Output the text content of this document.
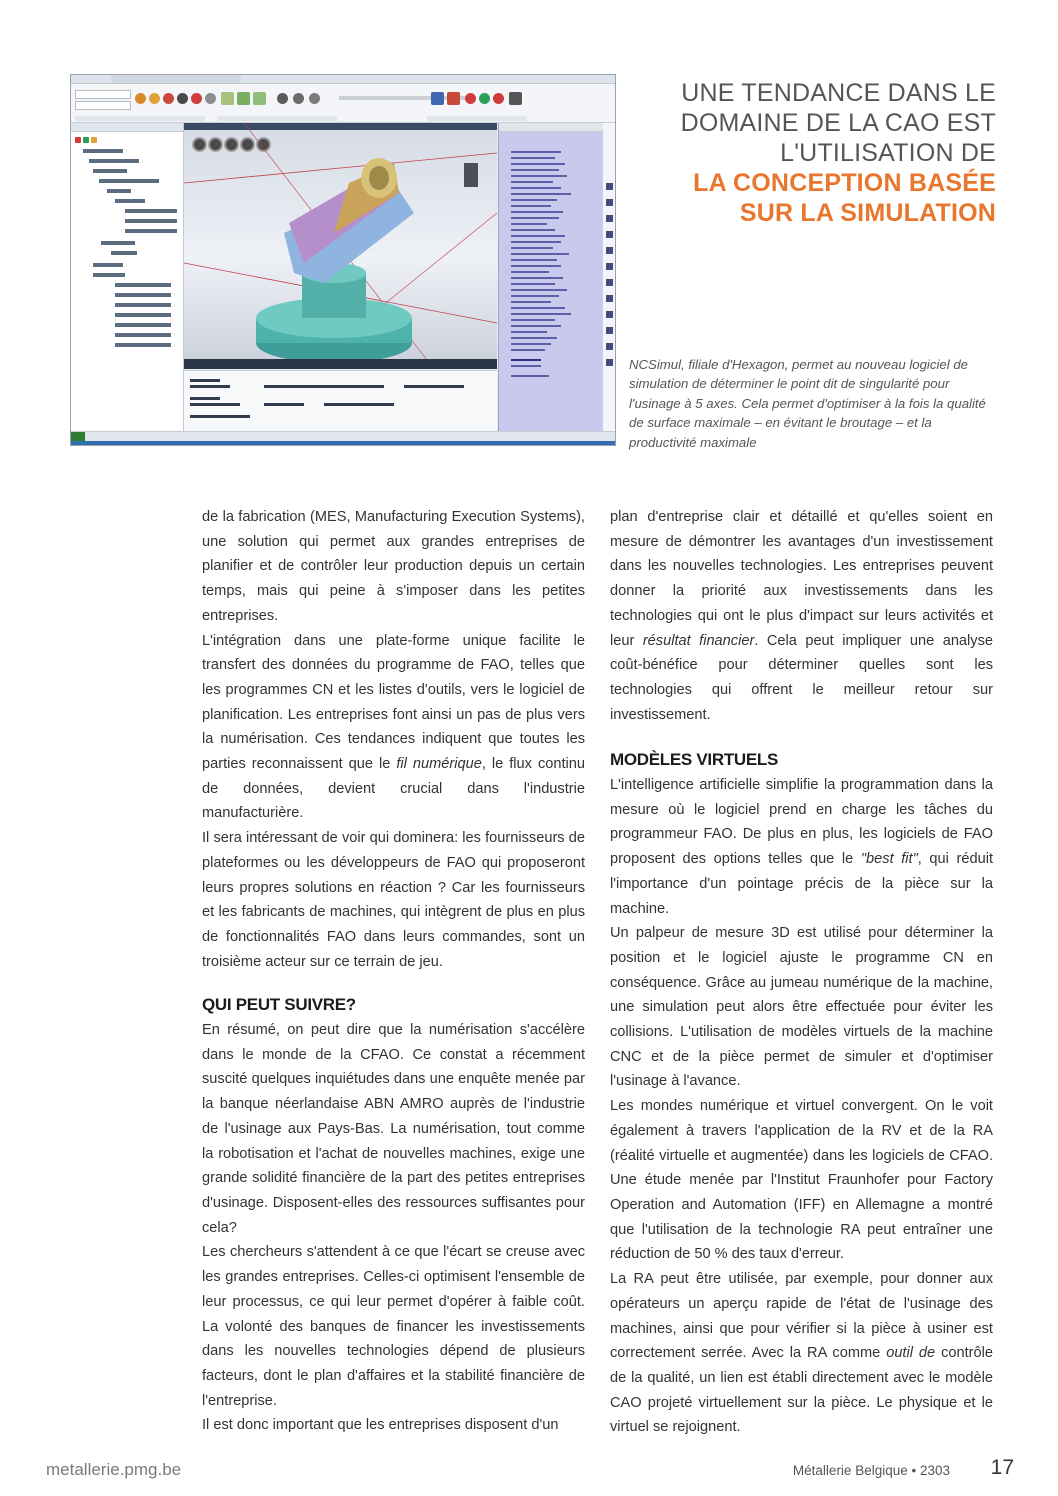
UNE TENDANCE DANS LE
DOMAINE DE LA CAO EST
L'UTILISATION DE
LA CONCEPTION BASÉE
SUR LA SIMULATION
NCSimul, filiale d'Hexagon, permet au nouveau logiciel de simulation de déterminer le point dit de singularité pour l'usinage à 5 axes. Cela permet d'optimiser à la fois la qualité de surface maximale – en évitant le broutage – et la productivité maximale

de la fabrication (MES, Manufacturing Execution Systems), une solution qui permet aux grandes entreprises de planifier et de contrôler leur production depuis un certain temps, mais qui peine à s'imposer dans les petites entreprises.

L'intégration dans une plate-forme unique facilite le transfert des données du programme de FAO, telles que les programmes CN et les listes d'outils, vers le logiciel de planification. Les entreprises font ainsi un pas de plus vers la numérisation. Ces tendances indiquent que toutes les parties reconnaissent que le fil numérique, le flux continu de données, devient crucial dans l'industrie manufacturière.

Il sera intéressant de voir qui dominera: les fournisseurs de plateformes ou les développeurs de FAO qui proposeront leurs propres solutions en réaction ? Car les fournisseurs et les fabricants de machines, qui intègrent de plus en plus de fonctionnalités FAO dans leurs commandes, sont un troisième acteur sur ce terrain de jeu.

QUI PEUT SUIVRE?

En résumé, on peut dire que la numérisation s'accélère dans le monde de la CFAO. Ce constat a récemment suscité quelques inquiétudes dans une enquête menée par la banque néerlandaise ABN AMRO auprès de l'industrie de l'usinage aux Pays-Bas. La numérisation, tout comme la robotisation et l'achat de nouvelles machines, exige une grande solidité financière de la part des petites entreprises d'usinage. Disposent-elles des ressources suffisantes pour cela?

Les chercheurs s'attendent à ce que l'écart se creuse avec les grandes entreprises. Celles-ci optimisent l'ensemble de leur processus, ce qui leur permet d'opérer à faible coût. La volonté des banques de financer les investissements dans les nouvelles technologies dépend de plusieurs facteurs, dont le plan d'affaires et la stabilité financière de l'entreprise.

Il est donc important que les entreprises disposent d'un

plan d'entreprise clair et détaillé et qu'elles soient en mesure de démontrer les avantages d'un investissement dans les nouvelles technologies. Les entreprises peuvent donner la priorité aux investissements dans les technologies qui ont le plus d'impact sur leurs activités et leur résultat financier. Cela peut impliquer une analyse coût-bénéfice pour déterminer quelles sont les technologies qui offrent le meilleur retour sur investissement.

MODÈLES VIRTUELS

L'intelligence artificielle simplifie la programmation dans la mesure où le logiciel prend en charge les tâches du programmeur FAO. De plus en plus, les logiciels de FAO proposent des options telles que le "best fit", qui réduit l'importance d'un pointage précis de la pièce sur la machine.

Un palpeur de mesure 3D est utilisé pour déterminer la position et le logiciel ajuste le programme CN en conséquence. Grâce au jumeau numérique de la machine, une simulation peut alors être effectuée pour éviter les collisions. L'utilisation de modèles virtuels de la machine CNC et de la pièce permet de simuler et d'optimiser l'usinage à l'avance.

Les mondes numérique et virtuel convergent. On le voit également à travers l'application de la RV et de la RA (réalité virtuelle et augmentée) dans les logiciels de CFAO. Une étude menée par l'Institut Fraunhofer pour Factory Operation and Automation (IFF) en Allemagne a montré que l'utilisation de la technologie RA peut entraîner une réduction de 50 % des taux d'erreur.

La RA peut être utilisée, par exemple, pour donner aux opérateurs un aperçu rapide de l'état de l'usinage des machines, ainsi que pour vérifier si la pièce à usiner est correctement serrée. Avec la RA comme outil de contrôle de la qualité, un lien est établi directement avec le modèle CAO projeté virtuellement sur la pièce. Le physique et le virtuel se rejoignent.

metallerie.pmg.be	Métallerie Belgique • 2303 17
